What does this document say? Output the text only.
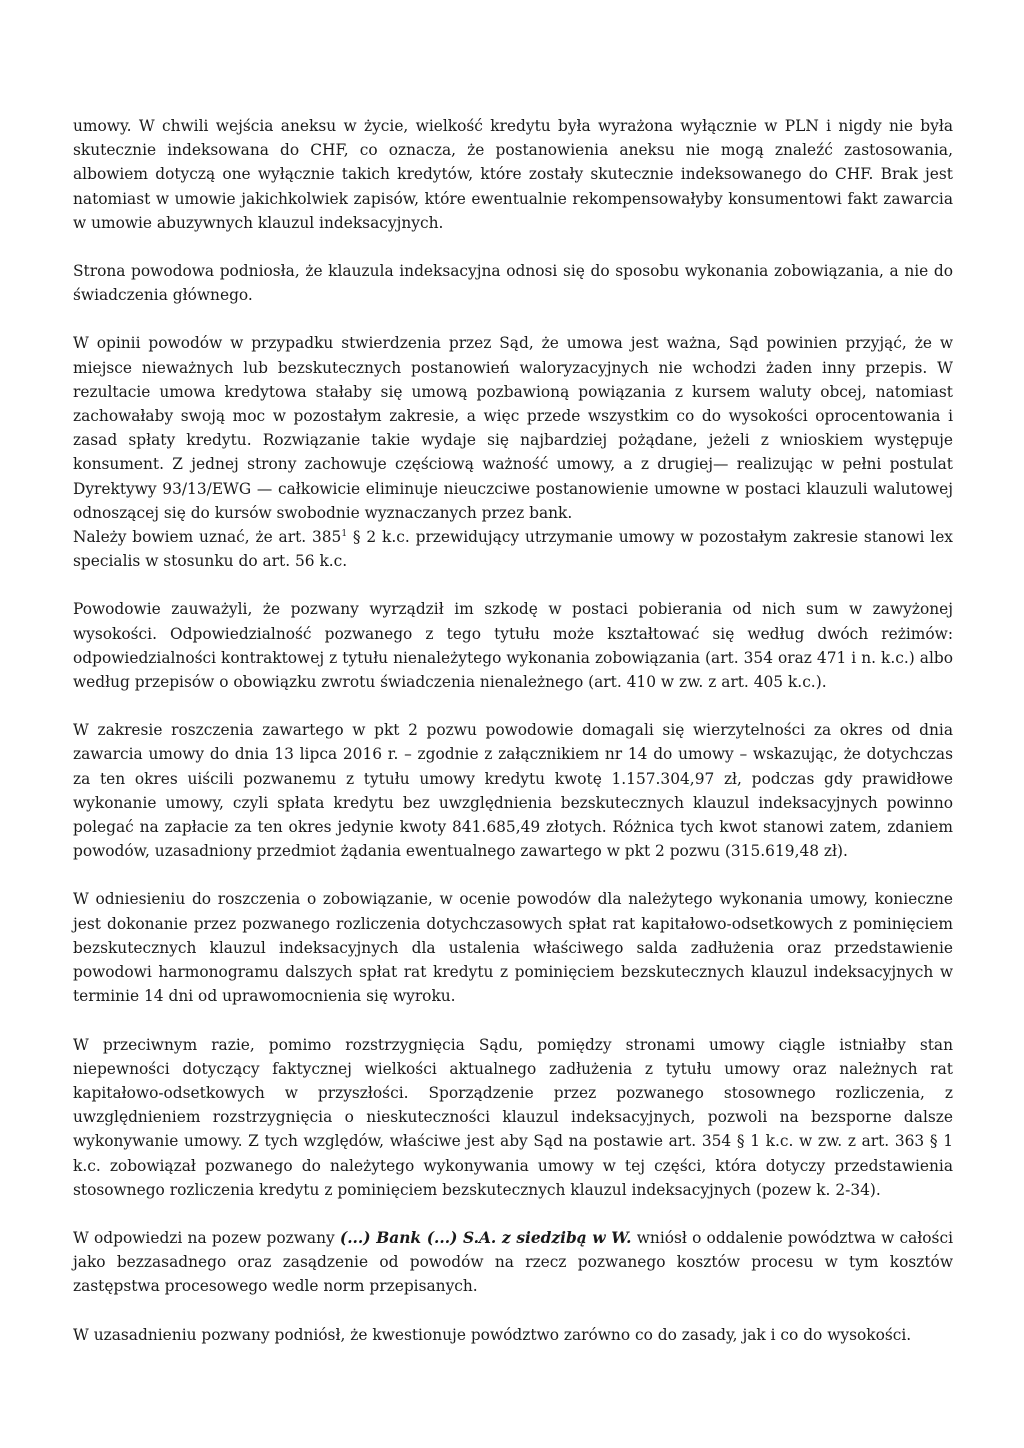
umowy. W chwili wejścia aneksu w życie, wielkość kredytu była wyrażona wyłącznie w PLN i nigdy nie była skutecznie indeksowana do CHF, co oznacza, że postanowienia aneksu nie mogą znaleźć zastosowania, albowiem dotyczą one wyłącznie takich kredytów, które zostały skutecznie indeksowanego do CHF. Brak jest natomiast w umowie jakichkolwiek zapisów, które ewentualnie rekompensowałyby konsumentowi fakt zawarcia w umowie abuzywnych klauzul indeksacyjnych.

Strona powodowa podniosła, że klauzula indeksacyjna odnosi się do sposobu wykonania zobowiązania, a nie do świadczenia głównego.

W opinii powodów w przypadku stwierdzenia przez Sąd, że umowa jest ważna, Sąd powinien przyjąć, że w miejsce nieważnych lub bezskutecznych postanowień waloryzacyjnych nie wchodzi żaden inny przepis. W rezultacie umowa kredytowa stałaby się umową pozbawioną powiązania z kursem waluty obcej, natomiast zachowałaby swoją moc w pozostałym zakresie, a więc przede wszystkim co do wysokości oprocentowania i zasad spłaty kredytu. Rozwiązanie takie wydaje się najbardziej pożądane, jeżeli z wnioskiem występuje konsument. Z jednej strony zachowuje częściową ważność umowy, a z drugiej— realizując w pełni postulat Dyrektywy 93/13/EWG — całkowicie eliminuje nieuczciwe postanowienie umowne w postaci klauzuli walutowej odnoszącej się do kursów swobodnie wyznaczanych przez bank.

Należy bowiem uznać, że art. $385^1$ § 2 k.c. przewidujący utrzymanie umowy w pozostałym zakresie stanowi lex specialis w stosunku do art. 56 k.c.

Powodowie zauważyli, że pozwany wyrządził im szkodę w postaci pobierania od nich sum w zawyżonej wysokości. Odpowiedzialność pozwanego z tego tytułu może kształtować się według dwóch reżimów: odpowiedzialności kontraktowej z tytułu nienależytego wykonania zobowiązania (art. 354 oraz 471 i n. k.c.) albo według przepisów o obowiązku zwrotu świadczenia nienależnego (art. 410 w zw. z art. 405 k.c.).

W zakresie roszczenia zawartego w pkt 2 pozwu powodowie domagali się wierzytelności za okres od dnia zawarcia umowy do dnia 13 lipca 2016 r. – zgodnie z załącznikiem nr 14 do umowy – wskazując, że dotychczas za ten okres uiścili pozwanemu z tytułu umowy kredytu kwotę 1.157.304,97 zł, podczas gdy prawidłowe wykonanie umowy, czyli spłata kredytu bez uwzględnienia bezskutecznych klauzul indeksacyjnych powinno polegać na zapłacie za ten okres jedynie kwoty 841.685,49 złotych. Różnica tych kwot stanowi zatem, zdaniem powodów, uzasadniony przedmiot żądania ewentualnego zawartego w pkt 2 pozwu (315.619,48 zł).

W odniesieniu do roszczenia o zobowiązanie, w ocenie powodów dla należytego wykonania umowy, konieczne jest dokonanie przez pozwanego rozliczenia dotychczasowych spłat rat kapitałowo-odsetkowych z pominięciem bezskutecznych klauzul indeksacyjnych dla ustalenia właściwego salda zadłużenia oraz przedstawienie powodowi harmonogramu dalszych spłat rat kredytu z pominięciem bezskutecznych klauzul indeksacyjnych w terminie 14 dni od uprawomocnienia się wyroku.

W przeciwnym razie, pomimo rozstrzygnięcia Sądu, pomiędzy stronami umowy ciągle istniałby stan niepewności dotyczący faktycznej wielkości aktualnego zadłużenia z tytułu umowy oraz należnych rat kapitałowo-odsetkowych w przyszłości. Sporządzenie przez pozwanego stosownego rozliczenia, z uwzględnieniem rozstrzygnięcia o nieskuteczności klauzul indeksacyjnych, pozwoli na bezsporne dalsze wykonywanie umowy. Z tych względów, właściwe jest aby Sąd na postawie art. 354 § 1 k.c. w zw. z art. 363 § 1 k.c. zobowiązał pozwanego do należytego wykonywania umowy w tej części, która dotyczy przedstawienia stosownego rozliczenia kredytu z pominięciem bezskutecznych klauzul indeksacyjnych (pozew k. 2-34).

W odpowiedzi na pozew pozwany (...) Bank (...) S.A. z siedzibą w W. wniósł o oddalenie powództwa w całości jako bezzasadnego oraz zasądzenie od powodów na rzecz pozwanego kosztów procesu w tym kosztów zastępstwa procesowego wedle norm przepisanych.

W uzasadnieniu pozwany podniósł, że kwestionuje powództwo zarówno co do zasady, jak i co do wysokości.
